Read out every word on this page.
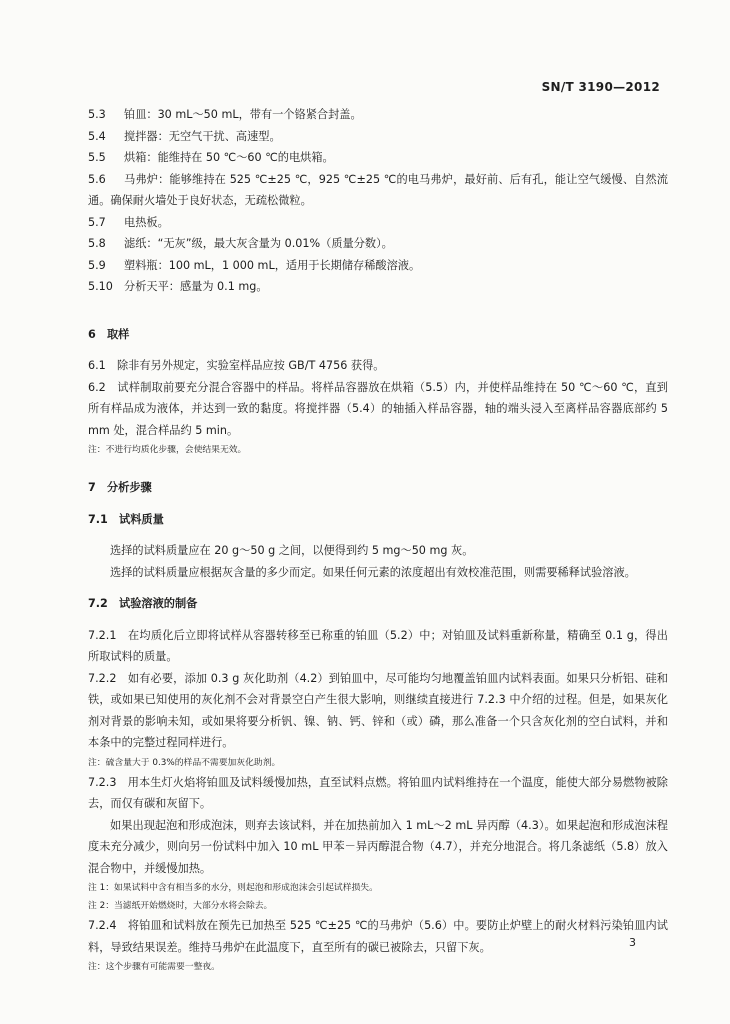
SN/T 3190—2012
5.3	铂皿：30 mL～50 mL，带有一个铬紧合封盖。
5.4	搅拌器：无空气干扰、高速型。
5.5	烘箱：能维持在 50 ℃～60 ℃的电烘箱。

5.6 马弗炉：能够维持在 525 ℃±25 ℃，925 ℃±25 ℃的电马弗炉，最好前、后有孔，能让空气缓慢、自然流通。确保耐火墙处于良好状态，无疏松微粒。

5.7	电热板。
5.8	滤纸：“无灰”级，最大灰含量为 0.01%（质量分数）。
5.9	塑料瓶：100 mL，1 000 mL，适用于长期储存稀酸溶液。
5.10 分析天平：感量为 0.1 mg。

6　取样

6.1　除非有另外规定，实验室样品应按 GB/T 4756 获得。

6.2　试样制取前要充分混合容器中的样品。将样品容器放在烘箱（5.5）内，并使样品维持在 50 ℃～60 ℃，直到所有样品成为液体，并达到一致的黏度。将搅拌器（5.4）的轴插入样品容器，轴的端头浸入至离样品容器底部约 5 mm 处，混合样品约 5 min。

注：不进行均质化步骤，会使结果无效。

7　分析步骤

7.1　试料质量

选择的试料质量应在 20 g～50 g 之间，以便得到约 5 mg～50 mg 灰。

选择的试料质量应根据灰含量的多少而定。如果任何元素的浓度超出有效校准范围，则需要稀释试验溶液。

7.2　试验溶液的制备

7.2.1　在均质化后立即将试样从容器转移至已称重的铂皿（5.2）中；对铂皿及试料重新称量，精确至 0.1 g，得出所取试料的质量。

7.2.2　如有必要，添加 0.3 g 灰化助剂（4.2）到铂皿中，尽可能均匀地覆盖铂皿内试料表面。如果只分析铝、硅和铁，或如果已知使用的灰化剂不会对背景空白产生很大影响，则继续直接进行 7.2.3 中介绍的过程。但是，如果灰化剂对背景的影响未知，或如果将要分析钒、镍、钠、钙、锌和（或）磷，那么准备一个只含灰化剂的空白试料，并和本条中的完整过程同样进行。

注：硫含量大于 0.3%的样品不需要加灰化助剂。

7.2.3　用本生灯火焰将铂皿及试料缓慢加热，直至试料点燃。将铂皿内试料维持在一个温度，能使大部分易燃物被除去，而仅有碳和灰留下。

如果出现起泡和形成泡沫，则弃去该试料，并在加热前加入 1 mL～2 mL 异丙醇（4.3）。如果起泡和形成泡沫程度未充分减少，则向另一份试料中加入 10 mL 甲苯－异丙醇混合物（4.7），并充分地混合。将几条滤纸（5.8）放入混合物中，并缓慢加热。

注 1：如果试料中含有相当多的水分，则起泡和形成泡沫会引起试样损失。

注 2：当滤纸开始燃烧时，大部分水将会除去。

7.2.4　将铂皿和试料放在预先已加热至 525 ℃±25 ℃的马弗炉（5.6）中。要防止炉壁上的耐火材料污染铂皿内试料，导致结果误差。维持马弗炉在此温度下，直至所有的碳已被除去，只留下灰。

注：这个步骤有可能需要一整夜。

3
